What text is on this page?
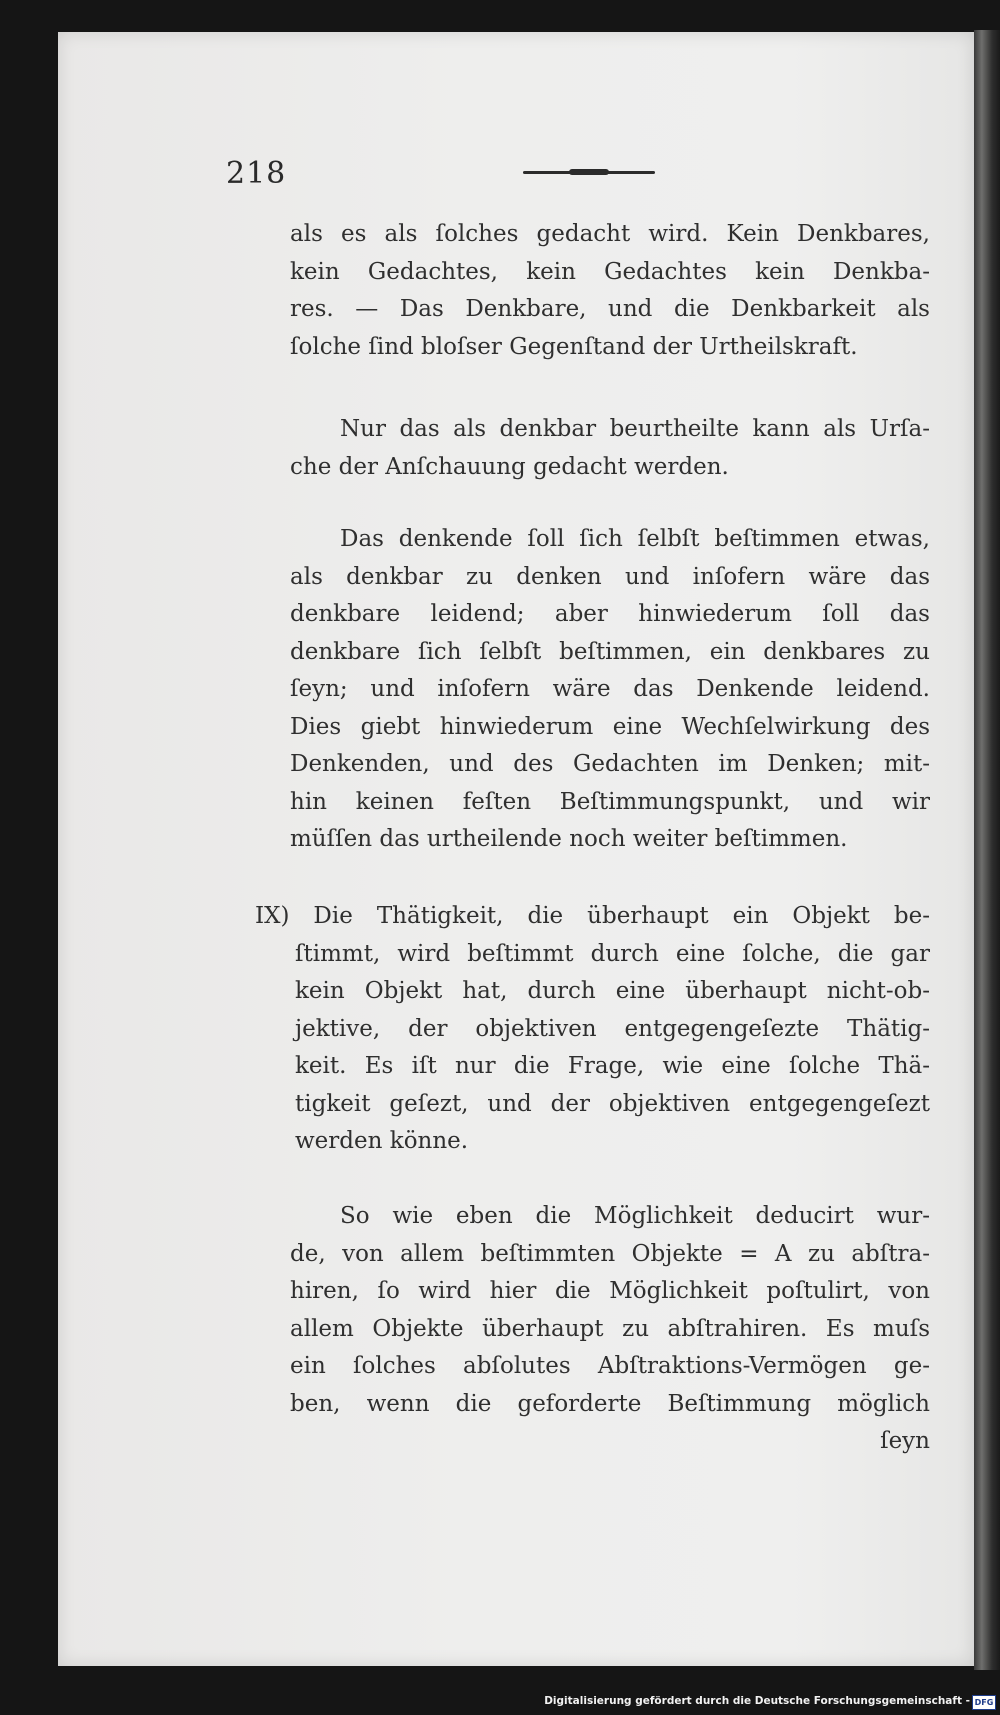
218
als es als ſolches gedacht wird. Kein Denkbares,
kein Gedachtes, kein Gedachtes kein Denkba-
res. — Das Denkbare, und die Denkbarkeit als
ſolche ſind bloſser Gegenſtand der Urtheilskraft.
Nur das als denkbar beurtheilte kann als Urſa-
che der Anſchauung gedacht werden.
Das denkende ſoll ſich ſelbſt beſtimmen etwas,
als denkbar zu denken und inſofern wäre das
denkbare leidend; aber hinwiederum ſoll das
denkbare ſich ſelbſt beſtimmen, ein denkbares zu
ſeyn; und inſofern wäre das Denkende leidend.
Dies giebt hinwiederum eine Wechſelwirkung des
Denkenden, und des Gedachten im Denken; mit-
hin keinen feſten Beſtimmungspunkt, und wir
müſſen das urtheilende noch weiter beſtimmen.
IX) Die Thätigkeit, die überhaupt ein Objekt be-
ſtimmt, wird beſtimmt durch eine ſolche, die gar
kein Objekt hat, durch eine überhaupt nicht-ob-
jektive, der objektiven entgegengeſezte Thätig-
keit. Es iſt nur die Frage, wie eine ſolche Thä-
tigkeit geſezt, und der objektiven entgegengeſezt
werden könne.
So wie eben die Möglichkeit deducirt wur-
de, von allem beſtimmten Objekte = A zu abſtra-
hiren, ſo wird hier die Möglichkeit poſtulirt, von
allem Objekte überhaupt zu abſtrahiren. Es muſs
ein ſolches abſolutes Abſtraktions-Vermögen ge-
ben, wenn die geforderte Beſtimmung möglich
ſeyn
Digitalisierung gefördert durch die Deutsche Forschungsgemeinschaft - DFG
